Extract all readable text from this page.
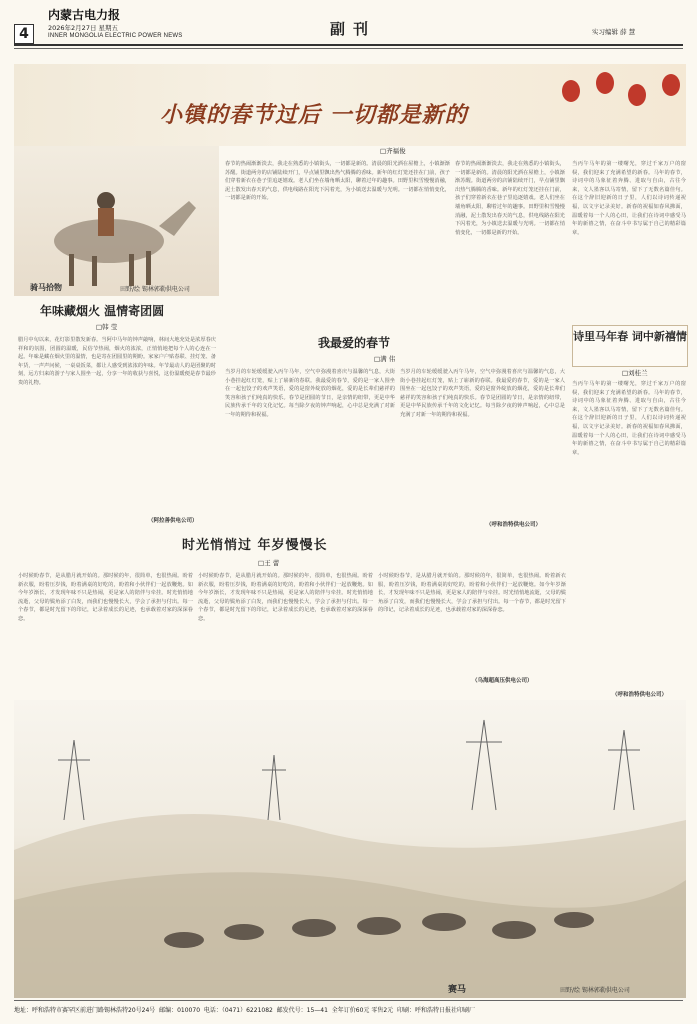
内蒙古电力报
4	2026年2月27日 星期五
INNER MONGOLIA ELECTRIC POWER NEWS	副刊	实习编辑 薛 慧
小镇的春节过后 一切都是新的
□齐福俊
骑马拾物	田野/绘 锡林郭勒供电公司
年味藏烟火 温情寄团圆
□韩 莹
腊月中旬以来，花灯影里散发新春。当阿中马年的钟声敲响，林间大地充处是浓厚春庆祥和的氛围，团圆的温暖，民俗节热闹，烟火的浓浓，正悄悄地把每个人的心连在一起。年味是藏在烟火里的温情，也是寄在团圆里的期盼。家家户户贴春联、挂灯笼、备年货，一声声问候，一桌桌饭菜，都让人感受到浓浓的年味。年节最动人的是团聚的时刻，远方归来的游子与家人围坐一起，分享一年的收获与喜悦，这份温暖便是春节最珍贵的礼物。
（阿拉善供电公司）
春节的热闹渐渐淡去，我走在熟悉的小镇街头，一切都是新的。清晨的阳光洒在屋檐上，小镇渐渐苏醒。街道两旁的店铺陆续开门，早点铺里飘出热气腾腾的香味。新年的红灯笼还挂在门前，孩子们穿着新衣在巷子里追逐嬉戏。老人们坐在墙角晒太阳，聊着过年的趣事。田野里积雪慢慢消融，泥土散发出春天的气息，供电线路在阳光下闪着光，为小镇送去温暖与光明。一切都在悄悄变化，一切都是新的开始。
春节的热闹渐渐淡去，我走在熟悉的小镇街头，一切都是新的。清晨的阳光洒在屋檐上，小镇渐渐苏醒。街道两旁的店铺陆续开门，早点铺里飘出热气腾腾的香味。新年的红灯笼还挂在门前，孩子们穿着新衣在巷子里追逐嬉戏。老人们坐在墙角晒太阳，聊着过年的趣事。田野里积雪慢慢消融，泥土散发出春天的气息，供电线路在阳光下闪着光，为小镇送去温暖与光明。一切都在悄悄变化，一切都是新的开始。
当丙午马年的第一缕曙光，穿过千家万户的窗棂，我们迎来了充满希望的新春。马年的春节，诗词中的马象征着奔腾、进取与自由，古往今来，文人墨客以马寄情，留下了无数名篇佳句。在这个辞旧迎新的日子里，人们以诗词传递祝福，以文字记录美好。新春的祝福如春风拂面，温暖着每一个人的心田，让我们在诗词中感受马年的新禧之情，在奋斗中书写属于自己的精彩篇章。
诗里马年春 词中新禧情
□刘桂兰
当丙午马年的第一缕曙光，穿过千家万户的窗棂，我们迎来了充满希望的新春。马年的春节，诗词中的马象征着奔腾、进取与自由，古往今来，文人墨客以马寄情，留下了无数名篇佳句。在这个辞旧迎新的日子里，人们以诗词传递祝福，以文字记录美好。新春的祝福如春风拂面，温暖着每一个人的心田，让我们在诗词中感受马年的新禧之情，在奋斗中书写属于自己的精彩篇章。
（呼和浩特供电公司）
我最爱的春节
□满 伟
当岁月的车轮缓缓驶入丙午马年，空气中弥漫着喜庆与温馨的气息，大街小巷挂起红灯笼，贴上了崭新的春联。我最爱的春节，爱的是一家人围坐在一起包饺子的欢声笑语，爱的是窗外绽放的烟花，爱的是长辈们慈祥的笑容和孩子们纯真的快乐。春节是团圆的节日，是亲情的纽带，更是中华民族传承千年的文化记忆。每当除夕夜的钟声响起，心中总是充满了对新一年的期待和祝福。
当岁月的车轮缓缓驶入丙午马年，空气中弥漫着喜庆与温馨的气息，大街小巷挂起红灯笼，贴上了崭新的春联。我最爱的春节，爱的是一家人围坐在一起包饺子的欢声笑语，爱的是窗外绽放的烟花，爱的是长辈们慈祥的笑容和孩子们纯真的快乐。春节是团圆的节日，是亲情的纽带，更是中华民族传承千年的文化记忆。每当除夕夜的钟声响起，心中总是充满了对新一年的期待和祝福。
（呼和浩特供电公司）
时光悄悄过 年岁慢慢长
□王 蕾
小时候盼春节，是从腊月就开始的。那时候的年，很简单，也很热闹。盼着新衣服，盼着压岁钱，盼着满桌的好吃的，盼着和小伙伴们一起放鞭炮。如今年岁渐长，才发现年味不只是热闹，更是家人的陪伴与牵挂。时光悄悄地流逝，父母的鬓角添了白发，而我们也慢慢长大，学会了承担与付出。每一个春节，都是时光留下的印记，记录着成长的足迹，也承载着对家的深深眷恋。
小时候盼春节，是从腊月就开始的。那时候的年，很简单，也很热闹。盼着新衣服，盼着压岁钱，盼着满桌的好吃的，盼着和小伙伴们一起放鞭炮。如今年岁渐长，才发现年味不只是热闹，更是家人的陪伴与牵挂。时光悄悄地流逝，父母的鬓角添了白发，而我们也慢慢长大，学会了承担与付出。每一个春节，都是时光留下的印记，记录着成长的足迹，也承载着对家的深深眷恋。
小时候盼春节，是从腊月就开始的。那时候的年，很简单，也很热闹。盼着新衣服，盼着压岁钱，盼着满桌的好吃的，盼着和小伙伴们一起放鞭炮。如今年岁渐长，才发现年味不只是热闹，更是家人的陪伴与牵挂。时光悄悄地流逝，父母的鬓角添了白发，而我们也慢慢长大，学会了承担与付出。每一个春节，都是时光留下的印记，记录着成长的足迹，也承载着对家的深深眷恋。
（乌海超高压供电公司）
赛马	田野/绘 锡林郭勒供电公司
地址：呼和浩特市赛罕区前进门路锡林浩特20号24号 邮编：010070 电话：（0471）6221082 邮发代号：15—41 全年订价60元 零售2元 印刷：呼和浩特日报社印刷厂
